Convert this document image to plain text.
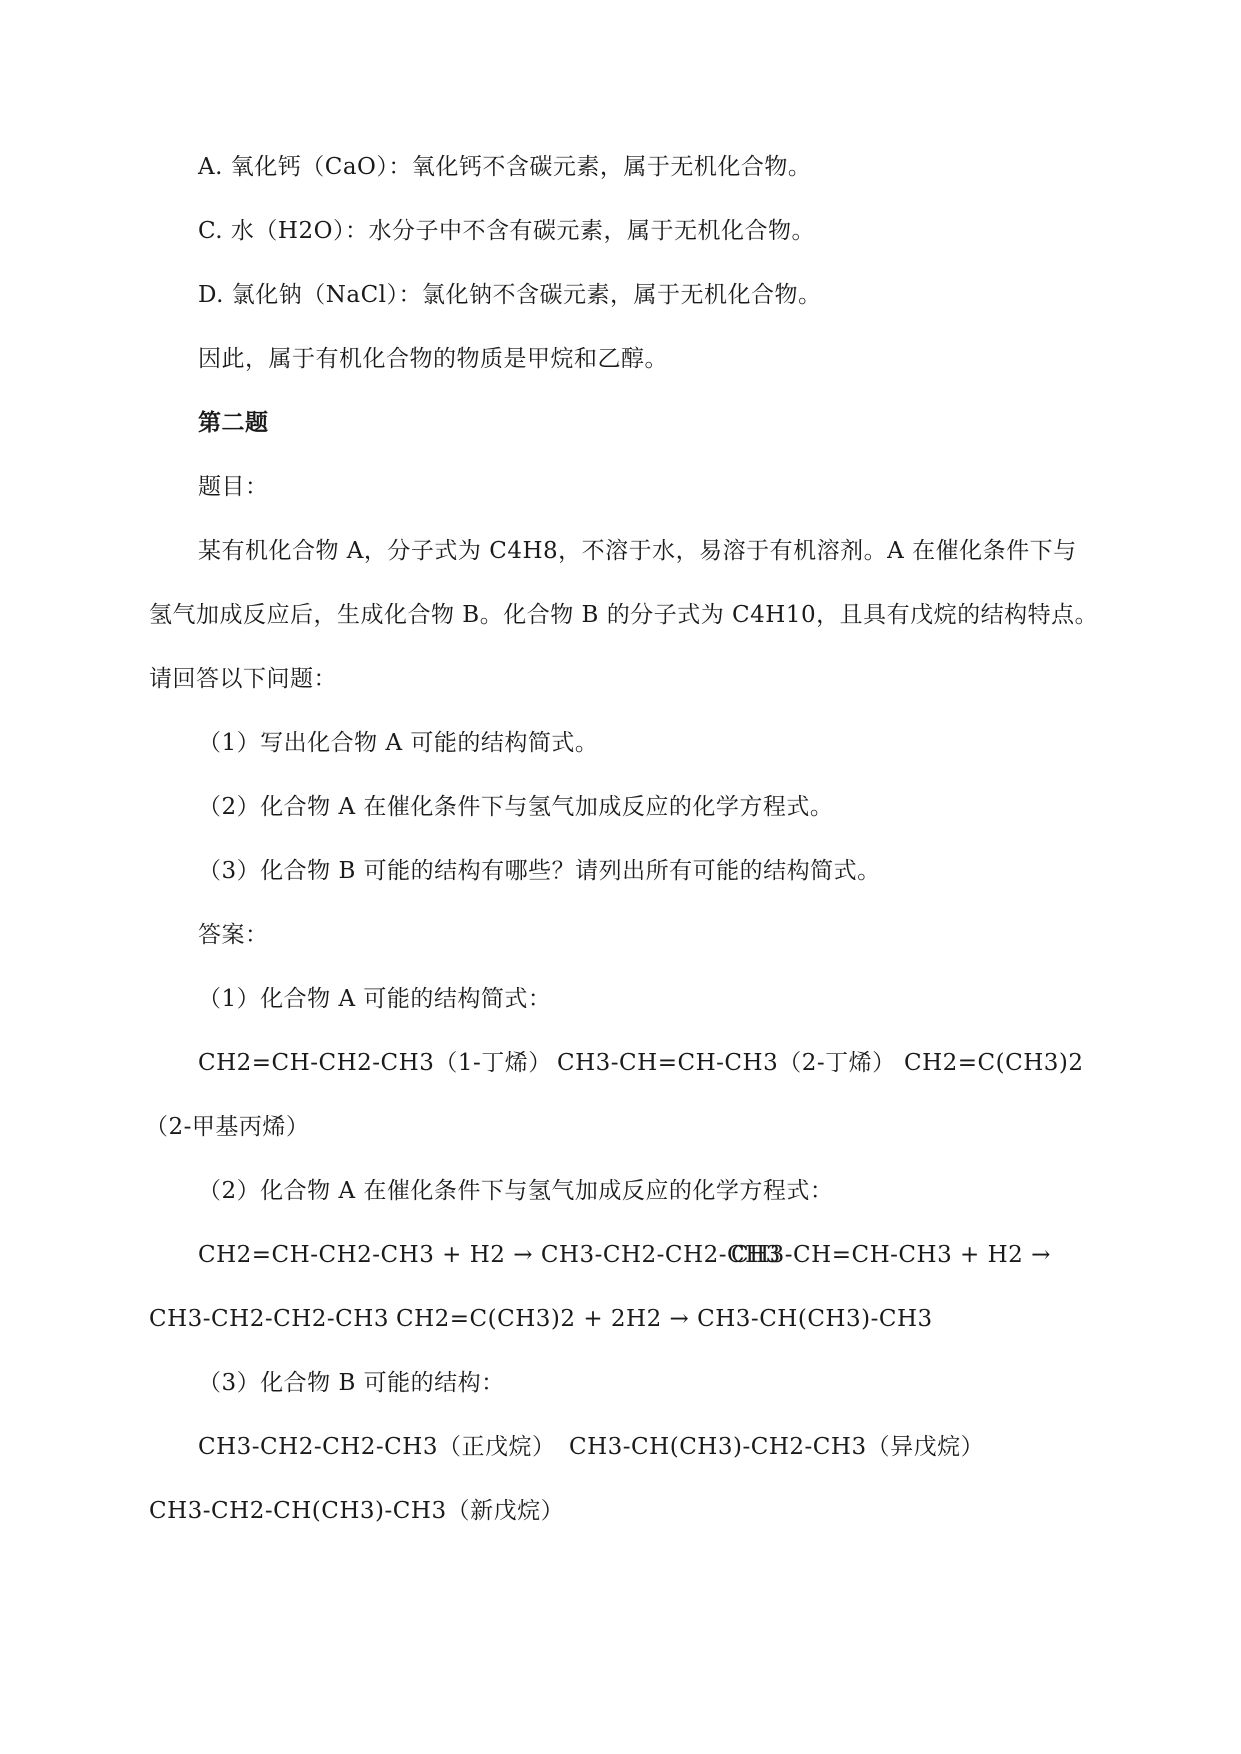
A. 氧化钙（CaO）：氧化钙不含碳元素，属于无机化合物。
C. 水（H2O）：水分子中不含有碳元素，属于无机化合物。
D. 氯化钠（NaCl）：氯化钠不含碳元素，属于无机化合物。
因此，属于有机化合物的物质是甲烷和乙醇。
第二题
题目：
某有机化合物 A，分子式为 C4H8，不溶于水，易溶于有机溶剂。A 在催化条件下与
氢气加成反应后，生成化合物 B。化合物 B 的分子式为 C4H10，且具有戊烷的结构特点。
请回答以下问题：
（1）写出化合物 A 可能的结构简式。
（2）化合物 A 在催化条件下与氢气加成反应的化学方程式。
（3）化合物 B 可能的结构有哪些？请列出所有可能的结构简式。
答案：
（1）化合物 A 可能的结构简式：
CH2=CH-CH2-CH3（1-丁烯） CH3-CH=CH-CH3（2-丁烯） CH2=C(CH3)2
（2-甲基丙烯）
（2）化合物 A 在催化条件下与氢气加成反应的化学方程式：
CH2=CH-CH2-CH3 + H2 → CH3-CH2-CH2-CH3
CH3-CH=CH-CH3 + H2 →
CH3-CH2-CH2-CH3 CH2=C(CH3)2 + 2H2 → CH3-CH(CH3)-CH3
（3）化合物 B 可能的结构：
CH3-CH2-CH2-CH3（正戊烷） CH3-CH(CH3)-CH2-CH3（异戊烷）
CH3-CH2-CH(CH3)-CH3（新戊烷）
